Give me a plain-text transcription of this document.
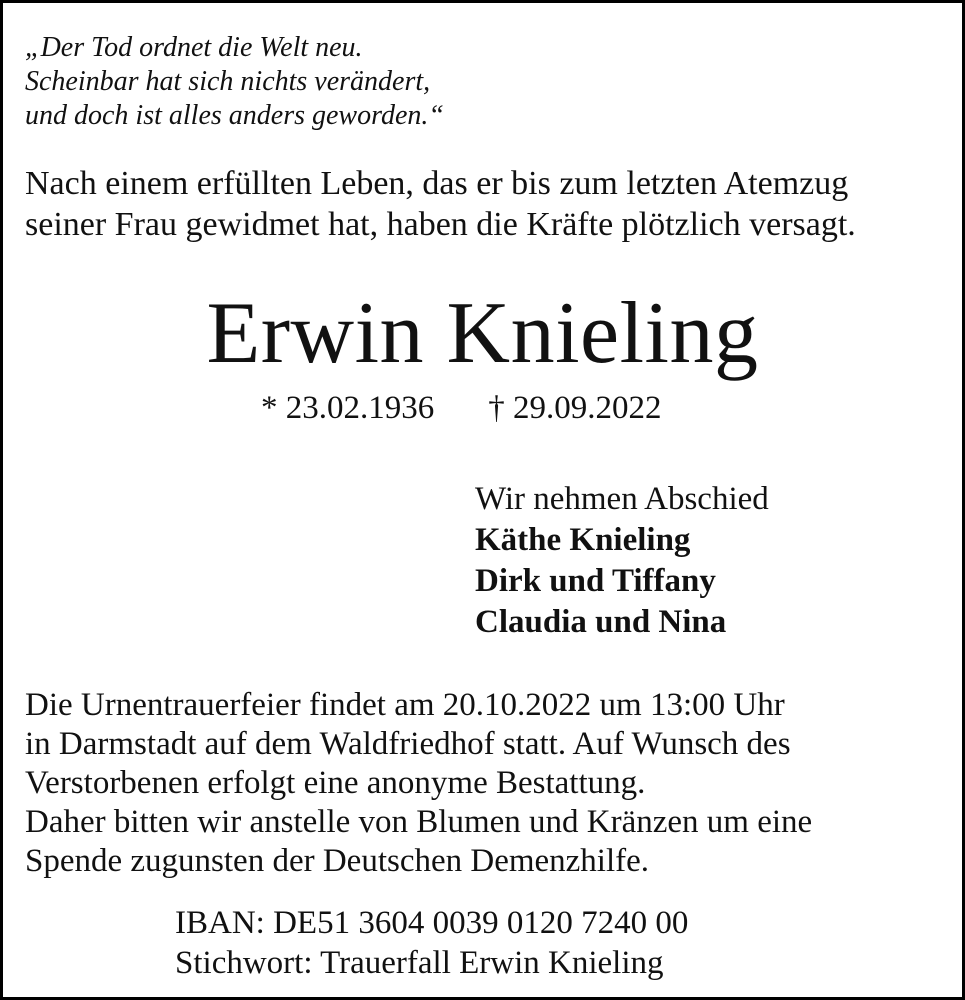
„Der Tod ordnet die Welt neu.
Scheinbar hat sich nichts verändert,
und doch ist alles anders geworden.“

Nach einem erfüllten Leben, das er bis zum letzten Atemzug
seiner Frau gewidmet hat, haben die Kräfte plötzlich versagt.

Erwin Knieling
* 23.02.1936 † 29.09.2022
Wir nehmen Abschied
Käthe Knieling
Dirk und Tiffany
Claudia und Nina

Die Urnentrauerfeier findet am 20.10.2022 um 13:00 Uhr
in Darmstadt auf dem Waldfriedhof statt. Auf Wunsch des
Verstorbenen erfolgt eine anonyme Bestattung.
Daher bitten wir anstelle von Blumen und Kränzen um eine
Spende zugunsten der Deutschen Demenzhilfe.

IBAN: DE51 3604 0039 0120 7240 00
Stichwort: Trauerfall Erwin Knieling
